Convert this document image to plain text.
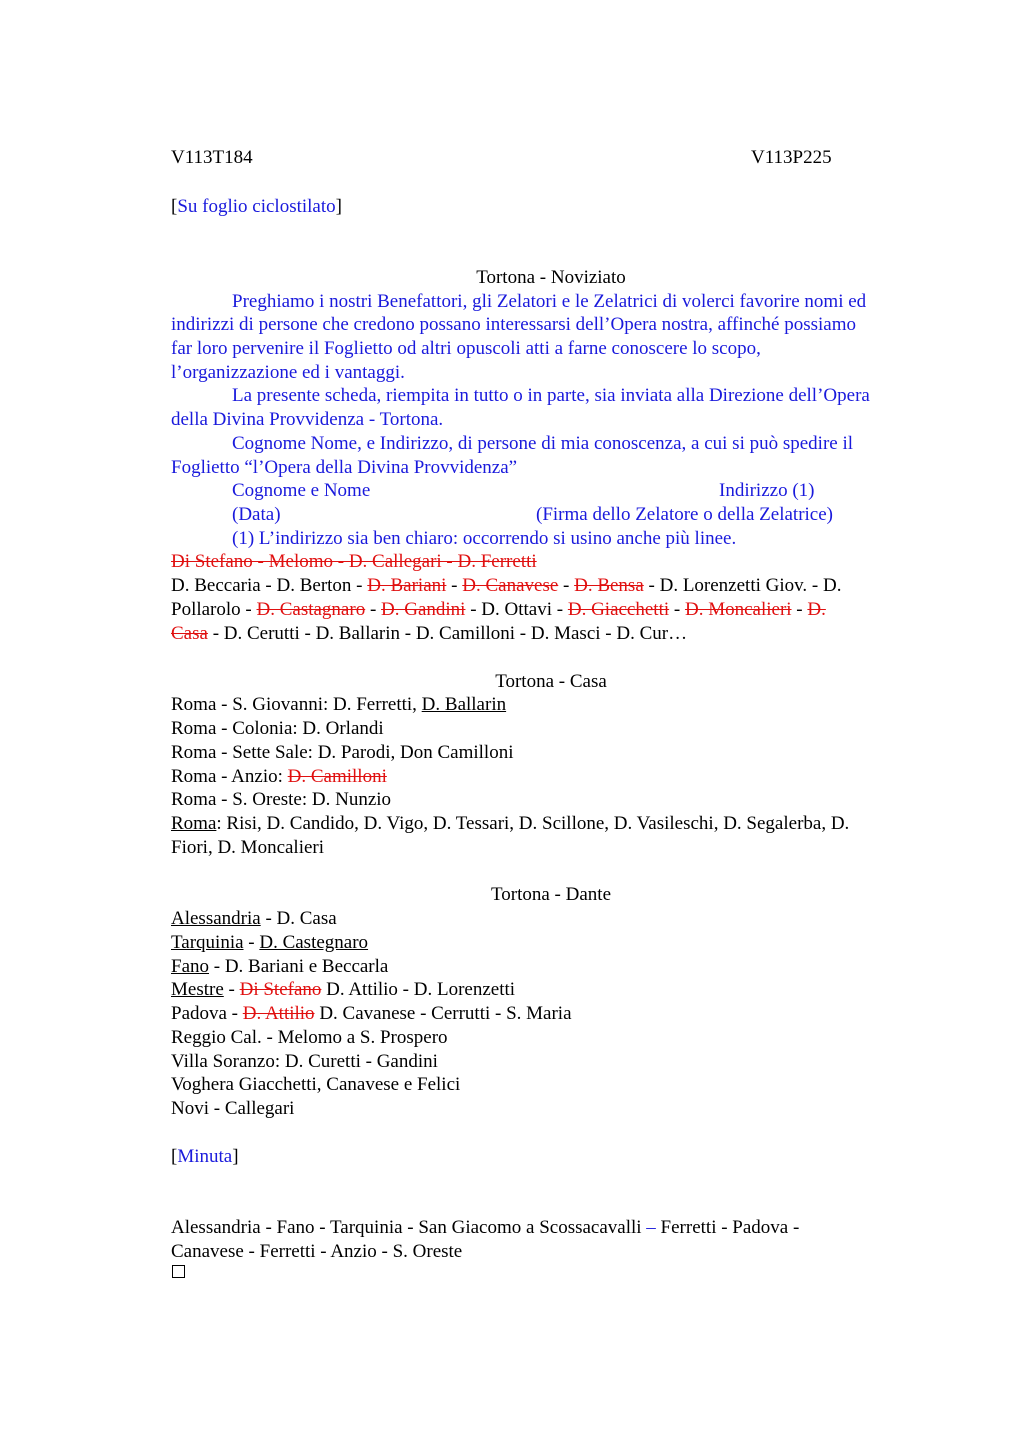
V113T184	V113P225
[Su foglio ciclostilato]
Tortona - Noviziato
Preghiamo i nostri Benefattori, gli Zelatori e le Zelatrici di volerci favorire nomi ed
indirizzi di persone che credono possano interessarsi dell’Opera nostra, affinché possiamo
far loro pervenire il Foglietto od altri opuscoli atti a farne conoscere lo scopo,
l’organizzazione ed i vantaggi.
La presente scheda, riempita in tutto o in parte, sia inviata alla Direzione dell’Opera
della Divina Provvidenza - Tortona.
Cognome Nome, e Indirizzo, di persone di mia conoscenza, a cui si può spedire il
Foglietto “l’Opera della Divina Provvidenza”
Cognome e Nome	Indirizzo (1)
(Data)	(Firma dello Zelatore o della Zelatrice)
(1) L’indirizzo sia ben chiaro: occorrendo si usino anche più linee.
Di Stefano - Melomo - D. Callegari - D. Ferretti
D. Beccaria - D. Berton - D. Bariani - D. Canavese - D. Bensa - D. Lorenzetti Giov. - D.
Pollarolo - D. Castagnaro - D. Gandini - D. Ottavi - D. Giacchetti - D. Moncalieri - D.
Casa - D. Cerutti - D. Ballarin - D. Camilloni - D. Masci - D. Cur…
Tortona - Casa
Roma - S. Giovanni: D. Ferretti, D. Ballarin
Roma - Colonia: D. Orlandi
Roma - Sette Sale: D. Parodi, Don Camilloni
Roma - Anzio: D. Camilloni
Roma - S. Oreste: D. Nunzio
Roma: Risi, D. Candido, D. Vigo, D. Tessari, D. Scillone, D. Vasileschi, D. Segalerba, D.
Fiori, D. Moncalieri
Tortona - Dante
Alessandria - D. Casa
Tarquinia - D. Castegnaro
Fano - D. Bariani e Beccarla
Mestre - Di Stefano D. Attilio - D. Lorenzetti
Padova - D. Attilio D. Cavanese - Cerrutti - S. Maria
Reggio Cal. - Melomo a S. Prospero
Villa Soranzo: D. Curetti - Gandini
Voghera Giacchetti, Canavese e Felici
Novi - Callegari
[Minuta]
Alessandria - Fano - Tarquinia - San Giacomo a Scossacavalli – Ferretti - Padova -
Canavese - Ferretti - Anzio - S. Oreste
